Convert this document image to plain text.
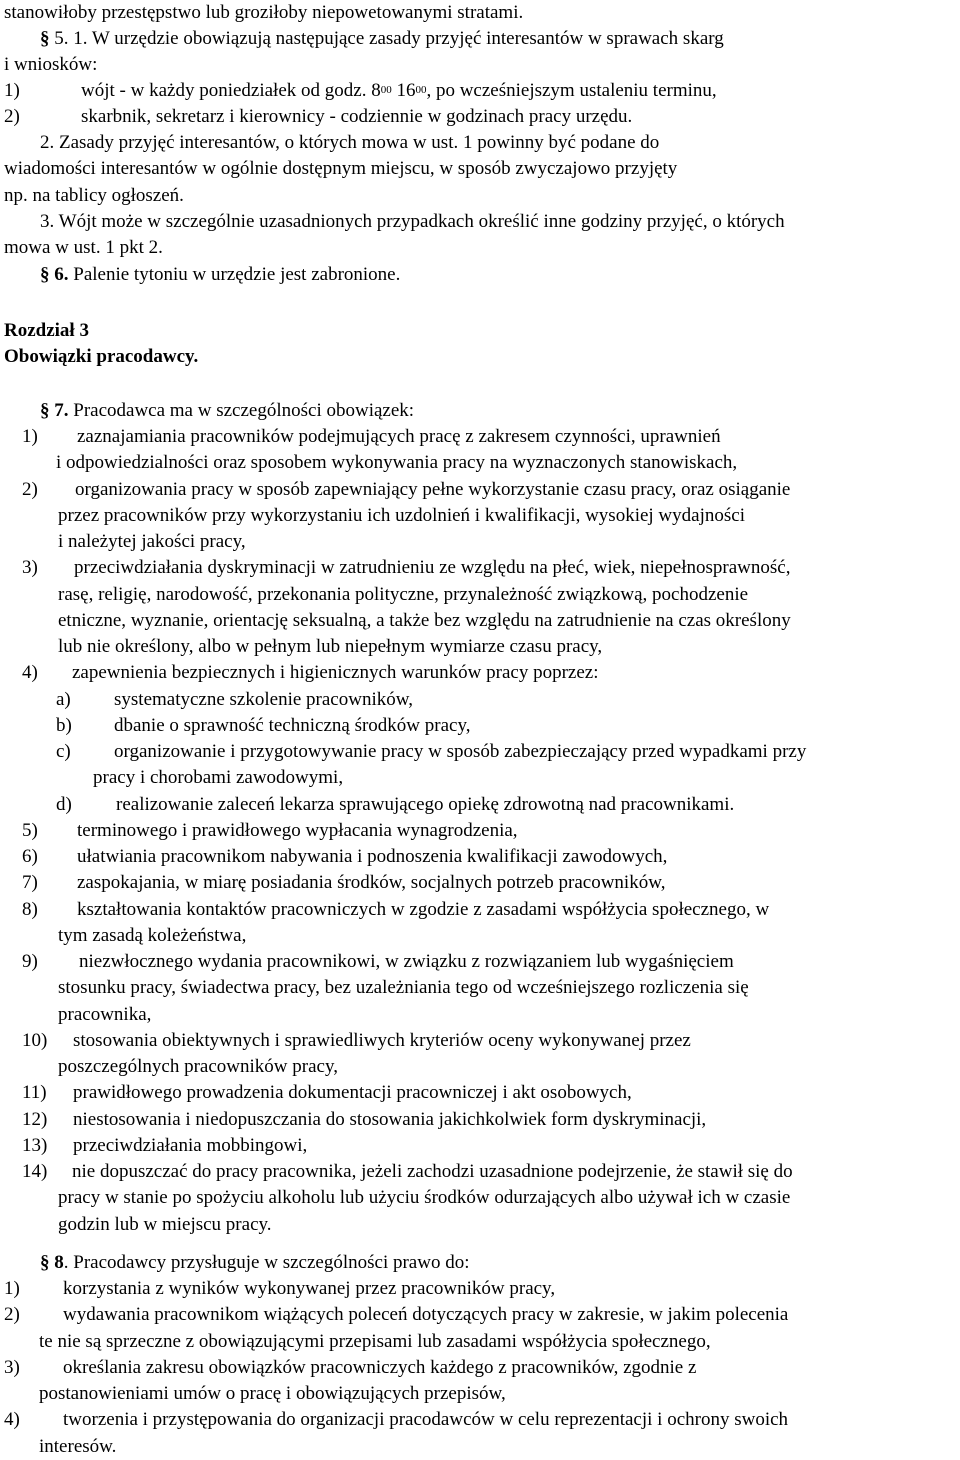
stanowiłoby przestępstwo lub groziłoby niepowetowanymi stratami.
§ 5. 1. W urzędzie obowiązują następujące zasady przyjęć interesantów w sprawach skarg
i wniosków:
1)	wójt - w każdy poniedziałek od godz. $8^{00}$ $16^{00}$, po wcześniejszym ustaleniu terminu,
2)	skarbnik, sekretarz i kierownicy - codziennie w godzinach pracy urzędu.
2. Zasady przyjęć interesantów, o których mowa w ust. 1 powinny być podane do
wiadomości interesantów w ogólnie dostępnym miejscu, w sposób zwyczajowo przyjęty
np. na tablicy ogłoszeń.
3. Wójt może w szczególnie uzasadnionych przypadkach określić inne godziny przyjęć, o których
mowa w ust. 1 pkt 2.
§ 6. Palenie tytoniu w urzędzie jest zabronione.
Rozdział 3
Obowiązki pracodawcy.
§ 7. Pracodawca ma w szczególności obowiązek:
1) zaznajamiania pracowników podejmujących pracę z zakresem czynności, uprawnień
i odpowiedzialności oraz sposobem wykonywania pracy na wyznaczonych stanowiskach,
2) organizowania pracy w sposób zapewniający pełne wykorzystanie czasu pracy, oraz osiąganie
przez pracowników przy wykorzystaniu ich uzdolnień i kwalifikacji, wysokiej wydajności
i należytej jakości pracy,
3) przeciwdziałania dyskryminacji w zatrudnieniu ze względu na płeć, wiek, niepełnosprawność,
rasę, religię, narodowość, przekonania polityczne, przynależność związkową, pochodzenie
etniczne, wyznanie, orientację seksualną, a także bez względu na zatrudnienie na czas określony
lub nie określony, albo w pełnym lub niepełnym wymiarze czasu pracy,
4) zapewnienia bezpiecznych i higienicznych warunków pracy poprzez:
a) systematyczne szkolenie pracowników,
b) dbanie o sprawność techniczną środków pracy,
c) organizowanie i przygotowywanie pracy w sposób zabezpieczający przed wypadkami przy
pracy i chorobami zawodowymi,
d) realizowanie zaleceń lekarza sprawującego opiekę zdrowotną nad pracownikami.
5) terminowego i prawidłowego wypłacania wynagrodzenia,
6) ułatwiania pracownikom nabywania i podnoszenia kwalifikacji zawodowych,
7) zaspokajania, w miarę posiadania środków, socjalnych potrzeb pracowników,
8) kształtowania kontaktów pracowniczych w zgodzie z zasadami współżycia społecznego, w
tym zasadą koleżeństwa,
9) niezwłocznego wydania pracownikowi, w związku z rozwiązaniem lub wygaśnięciem
stosunku pracy, świadectwa pracy, bez uzależniania tego od wcześniejszego rozliczenia się
pracownika,
10) stosowania obiektywnych i sprawiedliwych kryteriów oceny wykonywanej przez
poszczególnych pracowników pracy,
11) prawidłowego prowadzenia dokumentacji pracowniczej i akt osobowych,
12) niestosowania i niedopuszczania do stosowania jakichkolwiek form dyskryminacji,
13) przeciwdziałania mobbingowi,
14) nie dopuszczać do pracy pracownika, jeżeli zachodzi uzasadnione podejrzenie, że stawił się do
pracy w stanie po spożyciu alkoholu lub użyciu środków odurzających albo używał ich w czasie
godzin lub w miejscu pracy.
§ 8. Pracodawcy przysługuje w szczególności prawo do:
1) korzystania z wyników wykonywanej przez pracowników pracy,
2) wydawania pracownikom wiążących poleceń dotyczących pracy w zakresie, w jakim polecenia
te nie są sprzeczne z obowiązującymi przepisami lub zasadami współżycia społecznego,
3) określania zakresu obowiązków pracowniczych każdego z pracowników, zgodnie z
postanowieniami umów o pracę i obowiązujących przepisów,
4) tworzenia i przystępowania do organizacji pracodawców w celu reprezentacji i ochrony swoich
interesów.
